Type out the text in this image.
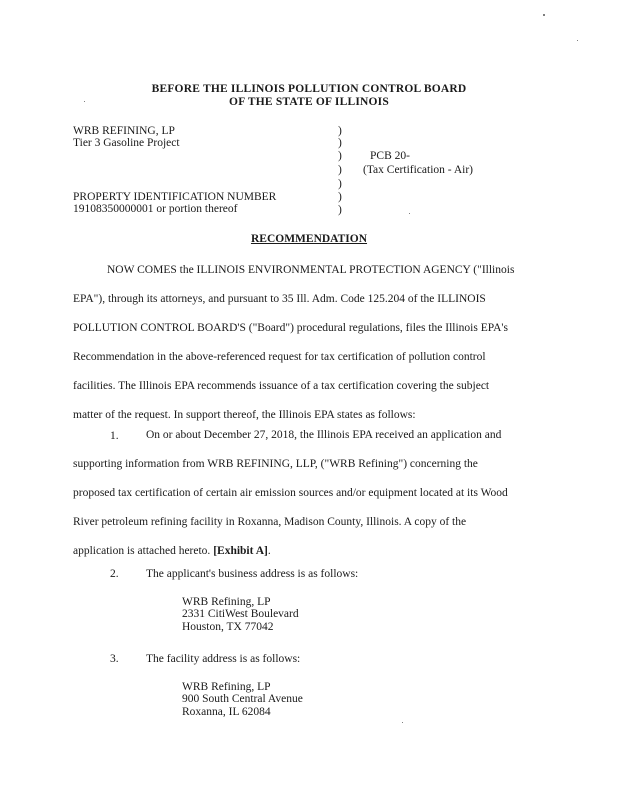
BEFORE THE ILLINOIS POLLUTION CONTROL BOARD
OF THE STATE OF ILLINOIS
WRB REFINING, LP
Tier 3 Gasoline Project
PROPERTY IDENTIFICATION NUMBER
19108350000001 or portion thereof
)
)
)
)
)
)
)
PCB 20-
(Tax Certification - Air)
RECOMMENDATION
NOW COMES the ILLINOIS ENVIRONMENTAL PROTECTION AGENCY ("Illinois
EPA"), through its attorneys, and pursuant to 35 Ill. Adm. Code 125.204 of the ILLINOIS
POLLUTION CONTROL BOARD'S ("Board") procedural regulations, files the Illinois EPA's
Recommendation in the above-referenced request for tax certification of pollution control
facilities. The Illinois EPA recommends issuance of a tax certification covering the subject
matter of the request. In support thereof, the Illinois EPA states as follows:
1.	On or about December 27, 2018, the Illinois EPA received an application and
supporting information from WRB REFINING, LLP, ("WRB Refining") concerning the
proposed tax certification of certain air emission sources and/or equipment located at its Wood
River petroleum refining facility in Roxanna, Madison County, Illinois. A copy of the
application is attached hereto. [Exhibit A].
2. The applicant's business address is as follows:
WRB Refining, LP
2331 CitiWest Boulevard
Houston, TX 77042
3. The facility address is as follows:
WRB Refining, LP
900 South Central Avenue
Roxanna, IL 62084
